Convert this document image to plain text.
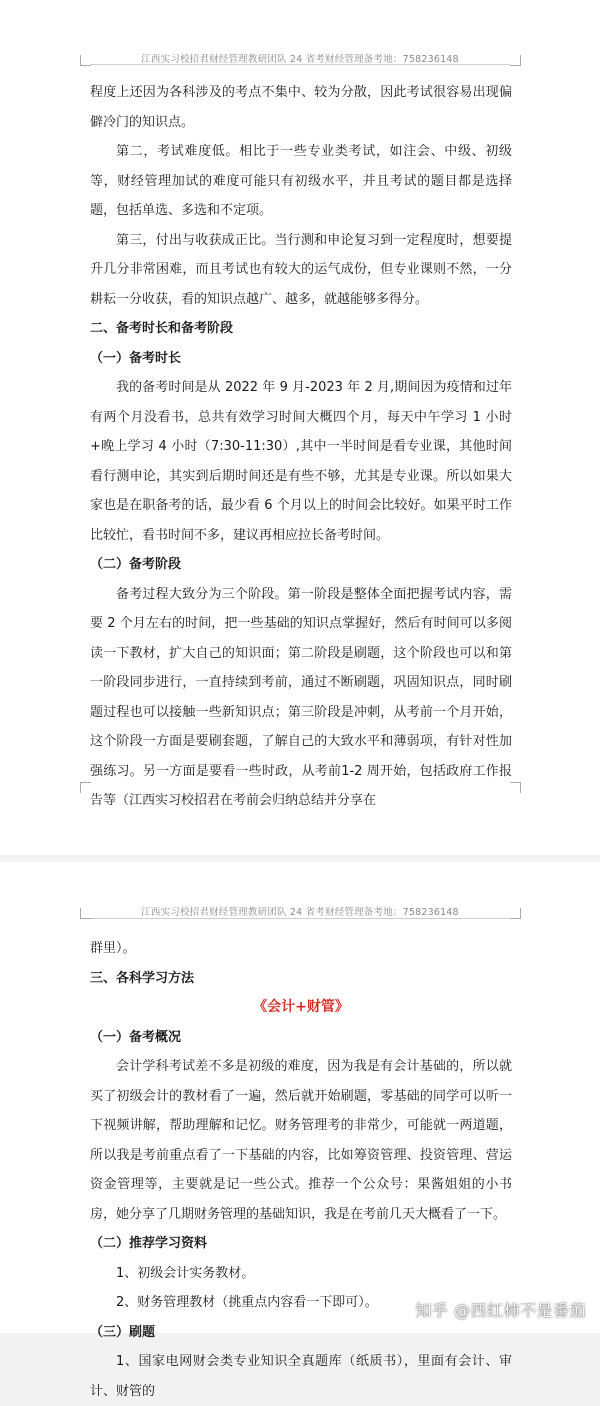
江西实习校招君财经管理教研团队 24 省考财经管理备考地：758236148

程度上还因为各科涉及的考点不集中、较为分散，因此考试很容易出现偏僻冷门的知识点。

第二，考试难度低。相比于一些专业类考试，如注会、中级、初级等，财经管理加试的难度可能只有初级水平，并且考试的题目都是选择题，包括单选、多选和不定项。

第三，付出与收获成正比。当行测和申论复习到一定程度时，想要提升几分非常困难，而且考试也有较大的运气成份，但专业课则不然，一分耕耘一分收获，看的知识点越广、越多，就越能够多得分。

二、备考时长和备考阶段

（一）备考时长

我的备考时间是从 2022 年 9 月-2023 年 2 月,期间因为疫情和过年有两个月没看书，总共有效学习时间大概四个月，每天中午学习 1 小时+晚上学习 4 小时（7:30-11:30）,其中一半时间是看专业课，其他时间看行测申论，其实到后期时间还是有些不够，尤其是专业课。所以如果大家也是在职备考的话，最少看 6 个月以上的时间会比较好。如果平时工作比较忙，看书时间不多，建议再相应拉长备考时间。

（二）备考阶段

备考过程大致分为三个阶段。第一阶段是整体全面把握考试内容，需要 2 个月左右的时间，把一些基础的知识点掌握好，然后有时间可以多阅读一下教材，扩大自己的知识面；第二阶段是刷题，这个阶段也可以和第一阶段同步进行，一直持续到考前，通过不断刷题，巩固知识点，同时刷题过程也可以接触一些新知识点；第三阶段是冲刺，从考前一个月开始，这个阶段一方面是要刷套题，了解自己的大致水平和薄弱项，有针对性加强练习。另一方面是要看一些时政，从考前1-2 周开始，包括政府工作报告等（江西实习校招君在考前会归纳总结并分享在

江西实习校招君财经管理教研团队 24 省考财经管理备考地：758236148

群里）。

三、各科学习方法

《会计+财管》

（一）备考概况

会计学科考试差不多是初级的难度，因为我是有会计基础的，所以就买了初级会计的教材看了一遍，然后就开始刷题，零基础的同学可以听一下视频讲解，帮助理解和记忆。财务管理考的非常少，可能就一两道题，所以我是考前重点看了一下基础的内容，比如筹资管理、投资管理、营运资金管理等，主要就是记一些公式。推荐一个公众号：果酱姐姐的小书房，她分享了几期财务管理的基础知识，我是在考前几天大概看了一下。

（二）推荐学习资料

1、初级会计实务教材。

2、财务管理教材（挑重点内容看一下即可）。

（三）刷题

1、国家电网财会类专业知识全真题库（纸质书），里面有会计、审计、财管的

知乎 @西红柿不是番茄
